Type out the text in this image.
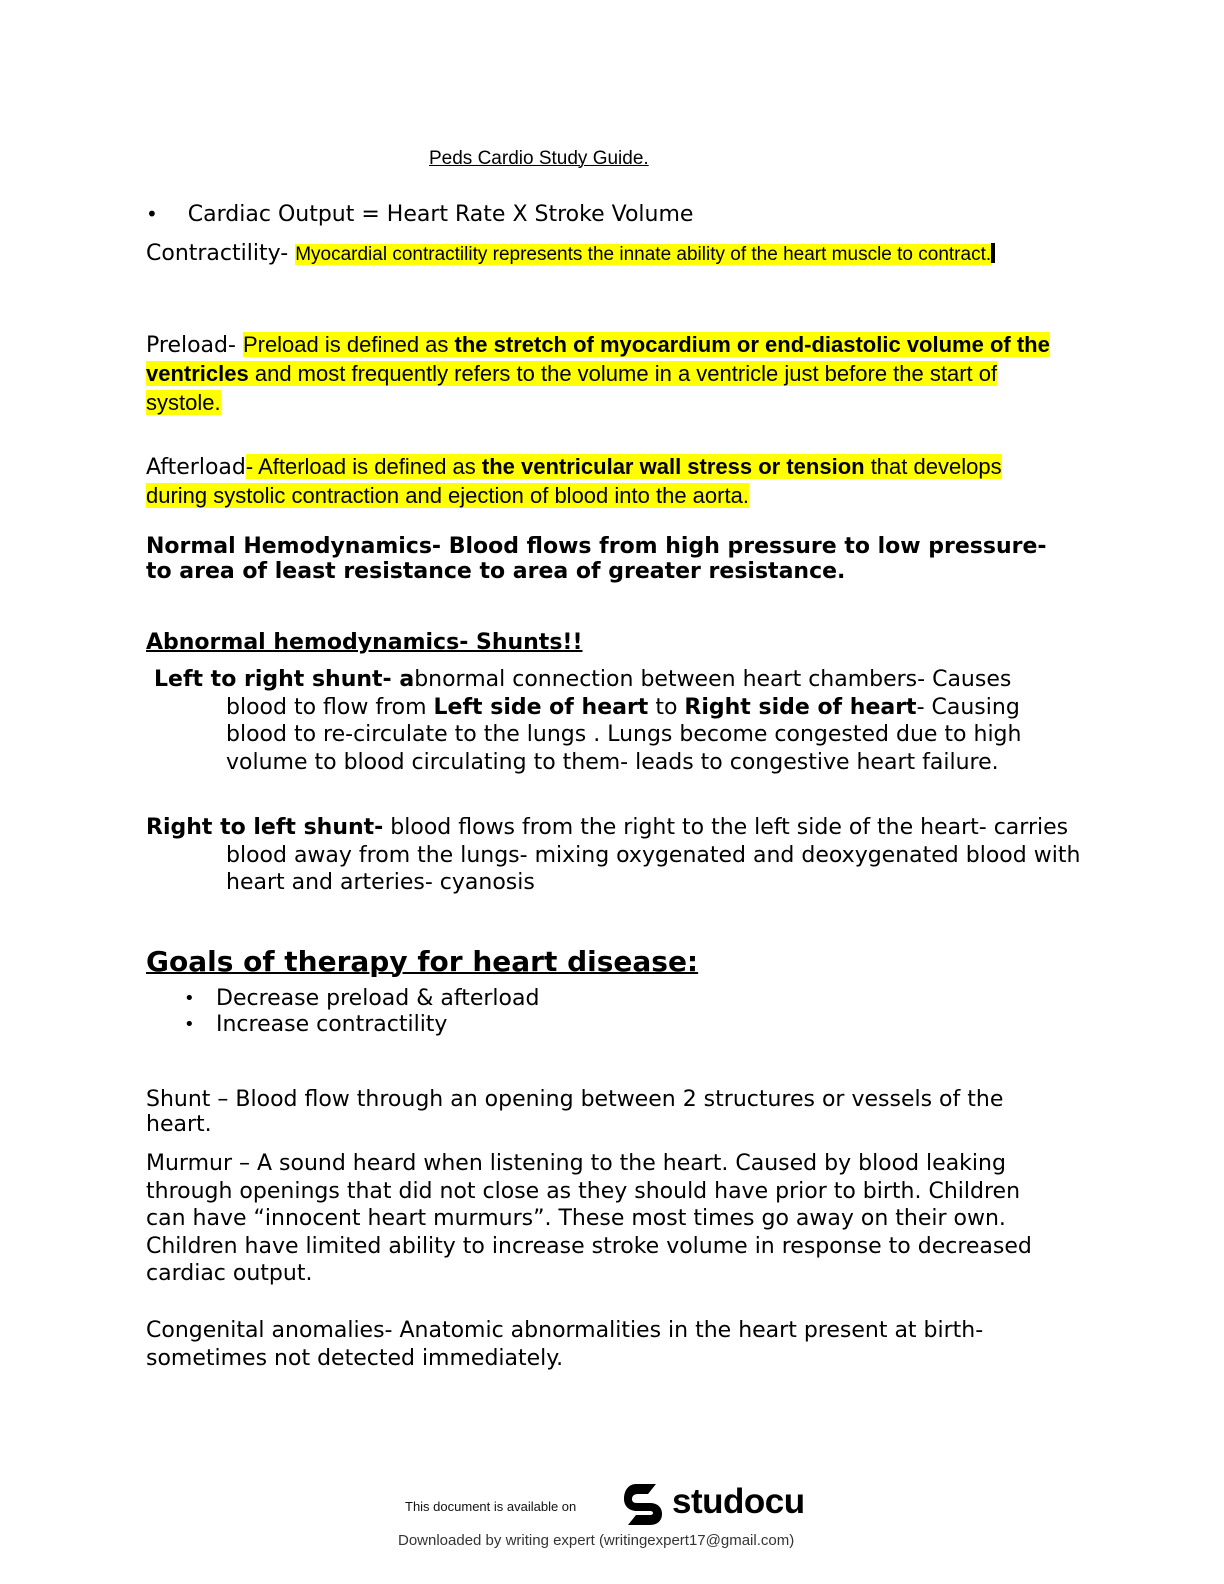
Peds Cardio Study Guide.
• Cardiac Output = Heart Rate X Stroke Volume
Contractility- Myocardial contractility represents the innate ability of the heart muscle to contract.
Preload- Preload is defined as the stretch of myocardium or end-diastolic volume of the ventricles and most frequently refers to the volume in a ventricle just before the start of systole.
Afterload- Afterload is defined as the ventricular wall stress or tension that develops during systolic contraction and ejection of blood into the aorta.
Normal Hemodynamics- Blood flows from high pressure to low pressure- to area of least resistance to area of greater resistance.
Abnormal hemodynamics- Shunts!!
Left to right shunt- abnormal connection between heart chambers- Causes blood to flow from Left side of heart to Right side of heart- Causing blood to re-circulate to the lungs . Lungs become congested due to high volume to blood circulating to them- leads to congestive heart failure.
Right to left shunt- blood flows from the right to the left side of the heart- carries blood away from the lungs- mixing oxygenated and deoxygenated blood with heart and arteries- cyanosis
Goals of therapy for heart disease:
• Decrease preload & afterload
• Increase contractility
Shunt – Blood flow through an opening between 2 structures or vessels of the heart.
Murmur – A sound heard when listening to the heart. Caused by blood leaking through openings that did not close as they should have prior to birth. Children can have “innocent heart murmurs”. These most times go away on their own. Children have limited ability to increase stroke volume in response to decreased cardiac output.
Congenital anomalies- Anatomic abnormalities in the heart present at birth- sometimes not detected immediately.
This document is available on	studocu
Downloaded by writing expert (writingexpert17@gmail.com)
